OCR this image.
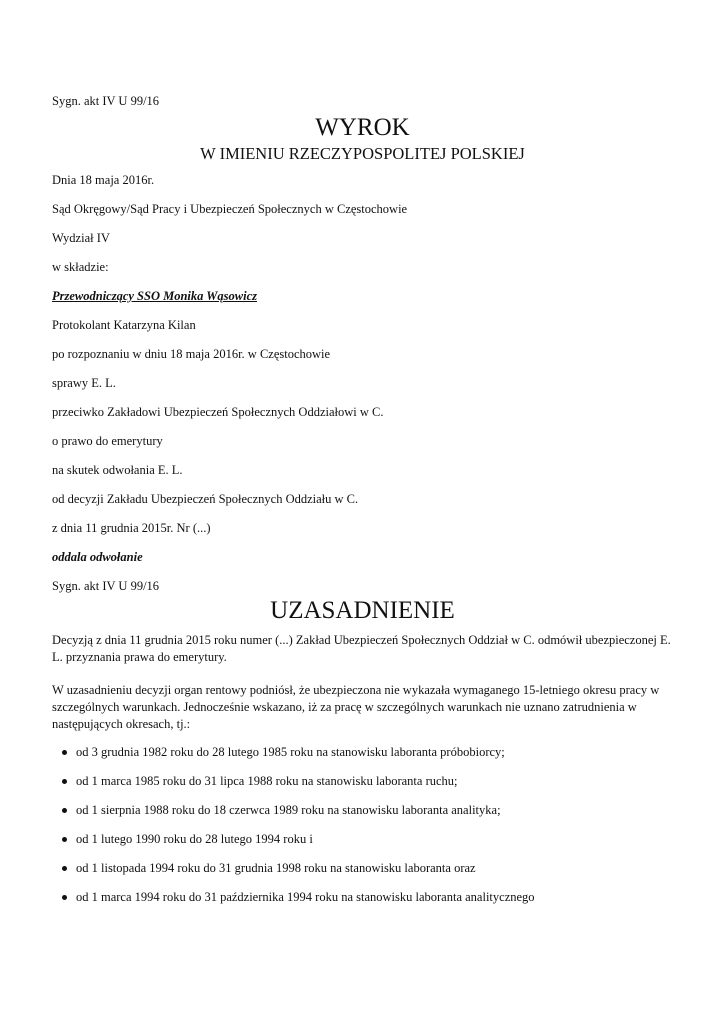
Sygn. akt IV U 99/16

WYROK
W IMIENIU RZECZYPOSPOLITEJ POLSKIEJ

Dnia 18 maja 2016r.

Sąd Okręgowy/Sąd Pracy i Ubezpieczeń Społecznych w Częstochowie

Wydział IV

w składzie:

Przewodniczący SSO Monika Wąsowicz

Protokolant Katarzyna Kilan

po rozpoznaniu w dniu 18 maja 2016r. w Częstochowie

sprawy E. L.

przeciwko Zakładowi Ubezpieczeń Społecznych Oddziałowi w C.

o prawo do emerytury

na skutek odwołania E. L.

od decyzji Zakładu Ubezpieczeń Społecznych Oddziału w C.

z dnia 11 grudnia 2015r. Nr (...)

oddala odwołanie

Sygn. akt IV U 99/16

UZASADNIENIE

Decyzją z dnia 11 grudnia 2015 roku numer (...) Zakład Ubezpieczeń Społecznych Oddział w C. odmówił ubezpieczonej E. L. przyznania prawa do emerytury.

W uzasadnieniu decyzji organ rentowy podniósł, że ubezpieczona nie wykazała wymaganego 15-letniego okresu pracy w szczególnych warunkach. Jednocześnie wskazano, iż za pracę w szczególnych warunkach nie uznano zatrudnienia w następujących okresach, tj.:

od 3 grudnia 1982 roku do 28 lutego 1985 roku na stanowisku laboranta próbobiorcy;
od 1 marca 1985 roku do 31 lipca 1988 roku na stanowisku laboranta ruchu;
od 1 sierpnia 1988 roku do 18 czerwca 1989 roku na stanowisku laboranta analityka;
od 1 lutego 1990 roku do 28 lutego 1994 roku i
od 1 listopada 1994 roku do 31 grudnia 1998 roku na stanowisku laboranta oraz
od 1 marca 1994 roku do 31 października 1994 roku na stanowisku laboranta analitycznego
